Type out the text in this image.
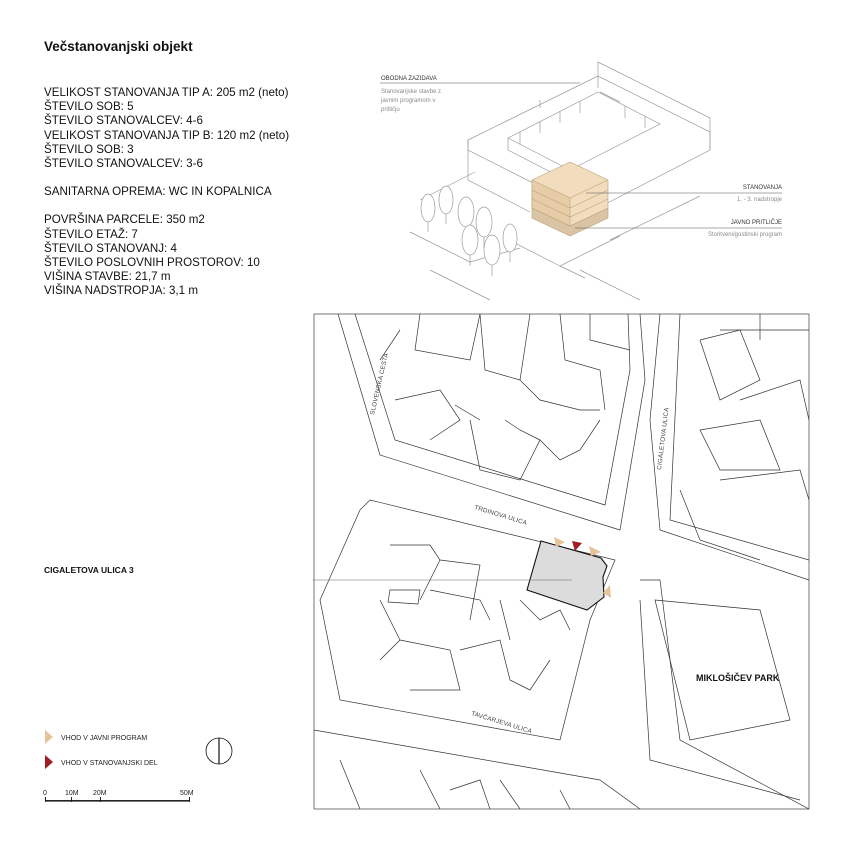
Večstanovanjski objekt
VELIKOST STANOVANJA TIP A: 205 m2 (neto)
ŠTEVILO SOB: 5
ŠTEVILO STANOVALCEV: 4-6
VELIKOST STANOVANJA TIP B: 120 m2 (neto)
ŠTEVILO SOB: 3
ŠTEVILO STANOVALCEV: 3-6
SANITARNA OPREMA: WC IN KOPALNICA
POVRŠINA PARCELE: 350 m2
ŠTEVILO ETAŽ: 7
ŠTEVILO STANOVANJ: 4
ŠTEVILO POSLOVNIH PROSTOROV: 10
VIŠINA STAVBE: 21,7 m
VIŠINA NADSTROPJA: 3,1 m
OBODNA ZAZIDAVA
Stanovanjske stavbe z
javnim programom v
pritličju
STANOVANJA
1. - 3. nadstropje
JAVNO PRITLIČJE
Storitveni/gostinski program
SLOVENSKA CESTA
TRDINOVA ULICA
CIGALETOVA ULICA
TAVČARJEVA ULICA
CIGALETOVA ULICA 3
MIKLOŠIČEV PARK
VHOD V JAVNI PROGRAM
VHOD V STANOVANJSKI DEL
0	10M 20M	50M
